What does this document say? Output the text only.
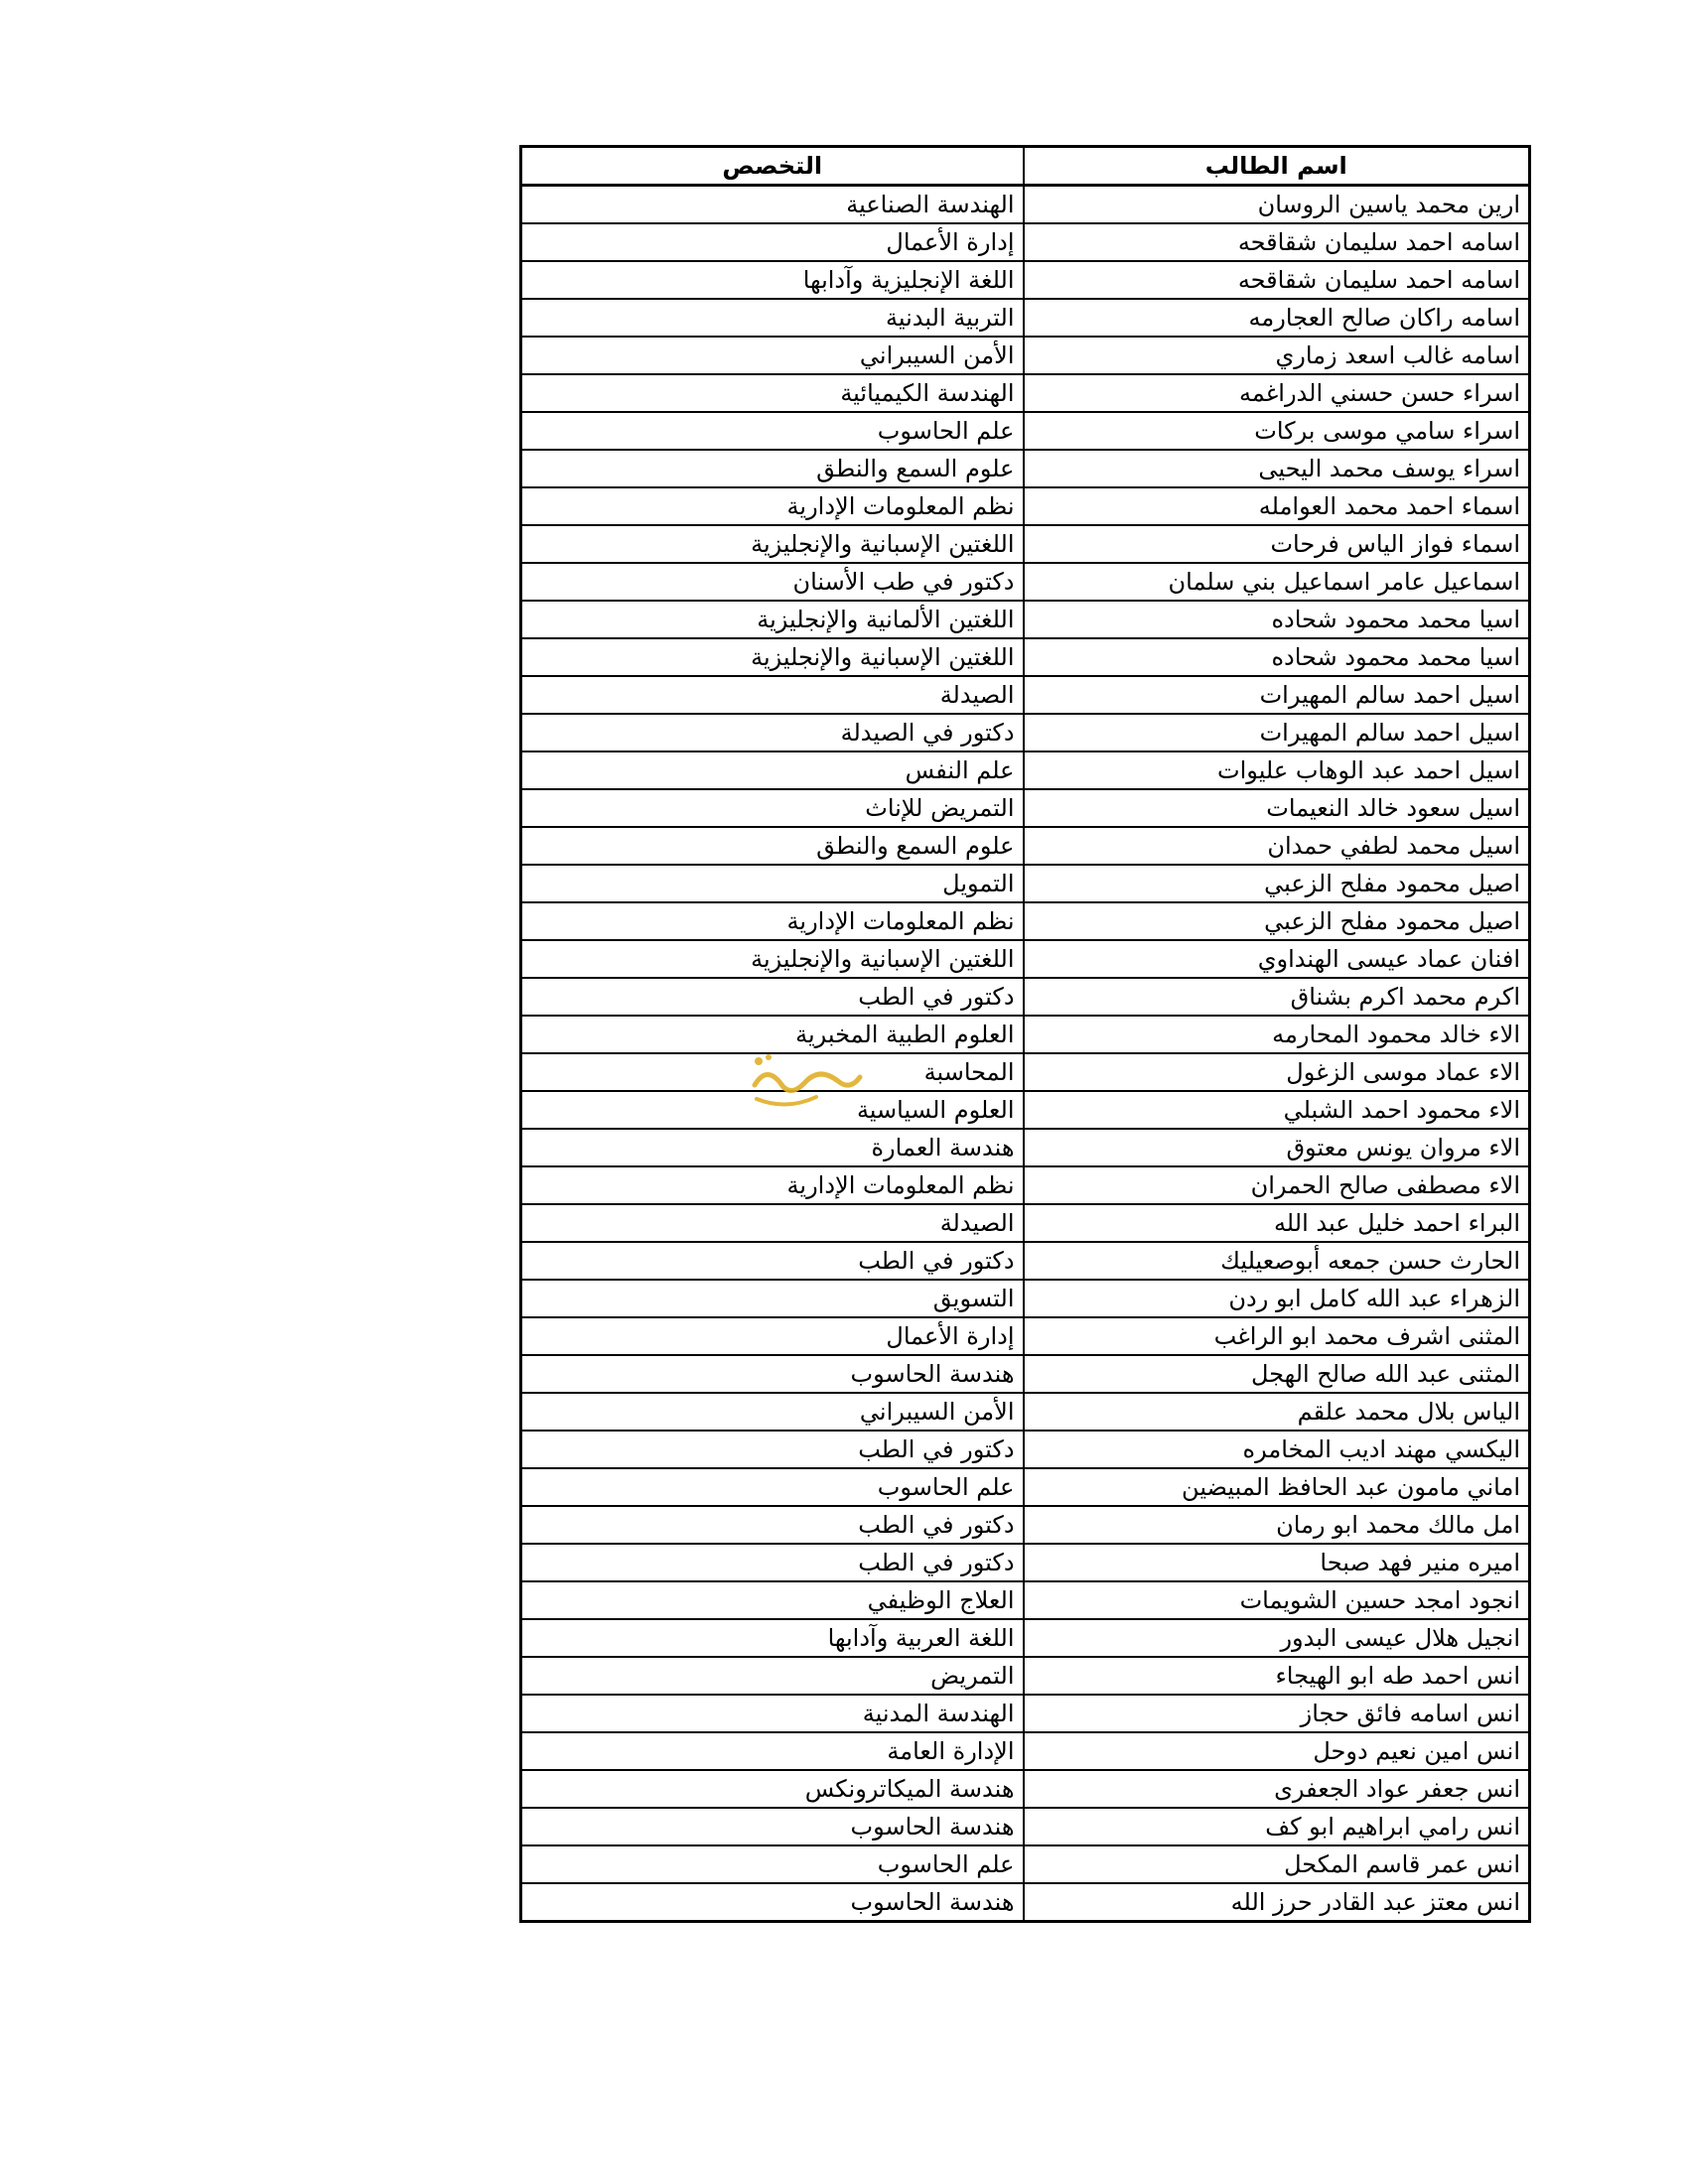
اسم الطالب	التخصص
ارين محمد ياسين الروسان	الهندسة الصناعية
اسامه احمد سليمان شقاقحه	إدارة الأعمال
اسامه احمد سليمان شقاقحه	اللغة الإنجليزية وآدابها
اسامه راكان صالح العجارمه	التربية البدنية
اسامه غالب اسعد زماري	الأمن السيبراني
اسراء حسن حسني الدراغمه	الهندسة الكيميائية
اسراء سامي موسى بركات	علم الحاسوب
اسراء يوسف محمد اليحيى	علوم السمع والنطق
اسماء احمد محمد العوامله	نظم المعلومات الإدارية
اسماء فواز الياس فرحات	اللغتين الإسبانية والإنجليزية
اسماعيل عامر اسماعيل بني سلمان	دكتور في طب الأسنان
اسيا محمد محمود شحاده	اللغتين الألمانية والإنجليزية
اسيا محمد محمود شحاده	اللغتين الإسبانية والإنجليزية
اسيل احمد سالم المهيرات	الصيدلة
اسيل احمد سالم المهيرات	دكتور في الصيدلة
اسيل احمد عبد الوهاب عليوات	علم النفس
اسيل سعود خالد النعيمات	التمريض للإناث
اسيل محمد لطفي حمدان	علوم السمع والنطق
اصيل محمود مفلح الزعبي	التمويل
اصيل محمود مفلح الزعبي	نظم المعلومات الإدارية
افنان عماد عيسى الهنداوي	اللغتين الإسبانية والإنجليزية
اكرم محمد اكرم بشناق	دكتور في الطب
الاء خالد محمود المحارمه	العلوم الطبية المخبرية
الاء عماد موسى الزغول	المحاسبة
الاء محمود احمد الشبلي	العلوم السياسية
الاء مروان يونس معتوق	هندسة العمارة
الاء مصطفى صالح الحمران	نظم المعلومات الإدارية
البراء احمد خليل عبد الله	الصيدلة
الحارث حسن جمعه أبوصعيليك	دكتور في الطب
الزهراء عبد الله كامل ابو ردن	التسويق
المثنى اشرف محمد ابو الراغب	إدارة الأعمال
المثنى عبد الله صالح الهجل	هندسة الحاسوب
الياس بلال محمد علقم	الأمن السيبراني
اليكسي مهند اديب المخامره	دكتور في الطب
اماني مامون عبد الحافظ المبيضين	علم الحاسوب
امل مالك محمد ابو رمان	دكتور في الطب
اميره منير فهد صبحا	دكتور في الطب
انجود امجد حسين الشويمات	العلاج الوظيفي
انجيل هلال عيسى البدور	اللغة العربية وآدابها
انس احمد طه ابو الهيجاء	التمريض
انس اسامه فائق حجاز	الهندسة المدنية
انس امين نعيم دوحل	الإدارة العامة
انس جعفر عواد الجعفرى	هندسة الميكاترونكس
انس رامي ابراهيم ابو كف	هندسة الحاسوب
انس عمر قاسم المكحل	علم الحاسوب
انس معتز عبد القادر حرز الله	هندسة الحاسوب
